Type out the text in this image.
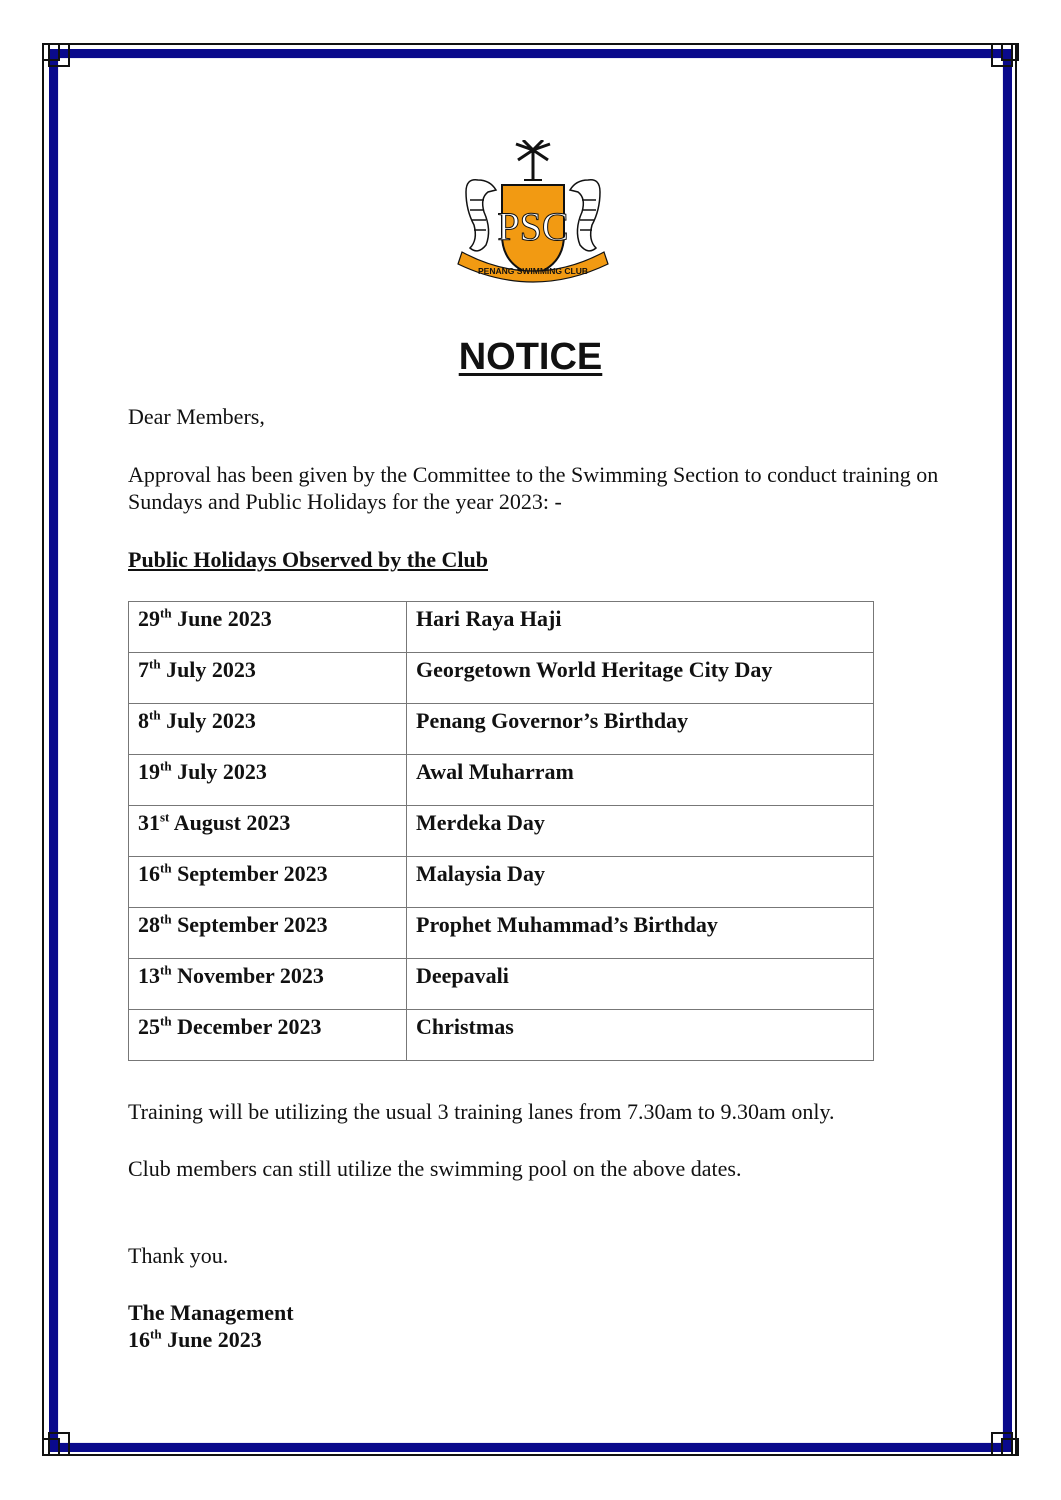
PSC
PENANG SWIMMING CLUB
NOTICE
Dear Members,
Approval has been given by the Committee to the Swimming Section to conduct training on Sundays and Public Holidays for the year 2023: -
Public Holidays Observed by the Club
29th June 2023	Hari Raya Haji
7th July 2023	Georgetown World Heritage City Day
8th July 2023	Penang Governor’s Birthday
19th July 2023	Awal Muharram
31st August 2023	Merdeka Day
16th September 2023	Malaysia Day
28th September 2023	Prophet Muhammad’s Birthday
13th November 2023	Deepavali
25th December 2023	Christmas
Training will be utilizing the usual 3 training lanes from 7.30am to 9.30am only.
Club members can still utilize the swimming pool on the above dates.
Thank you.
The Management
16th June 2023
